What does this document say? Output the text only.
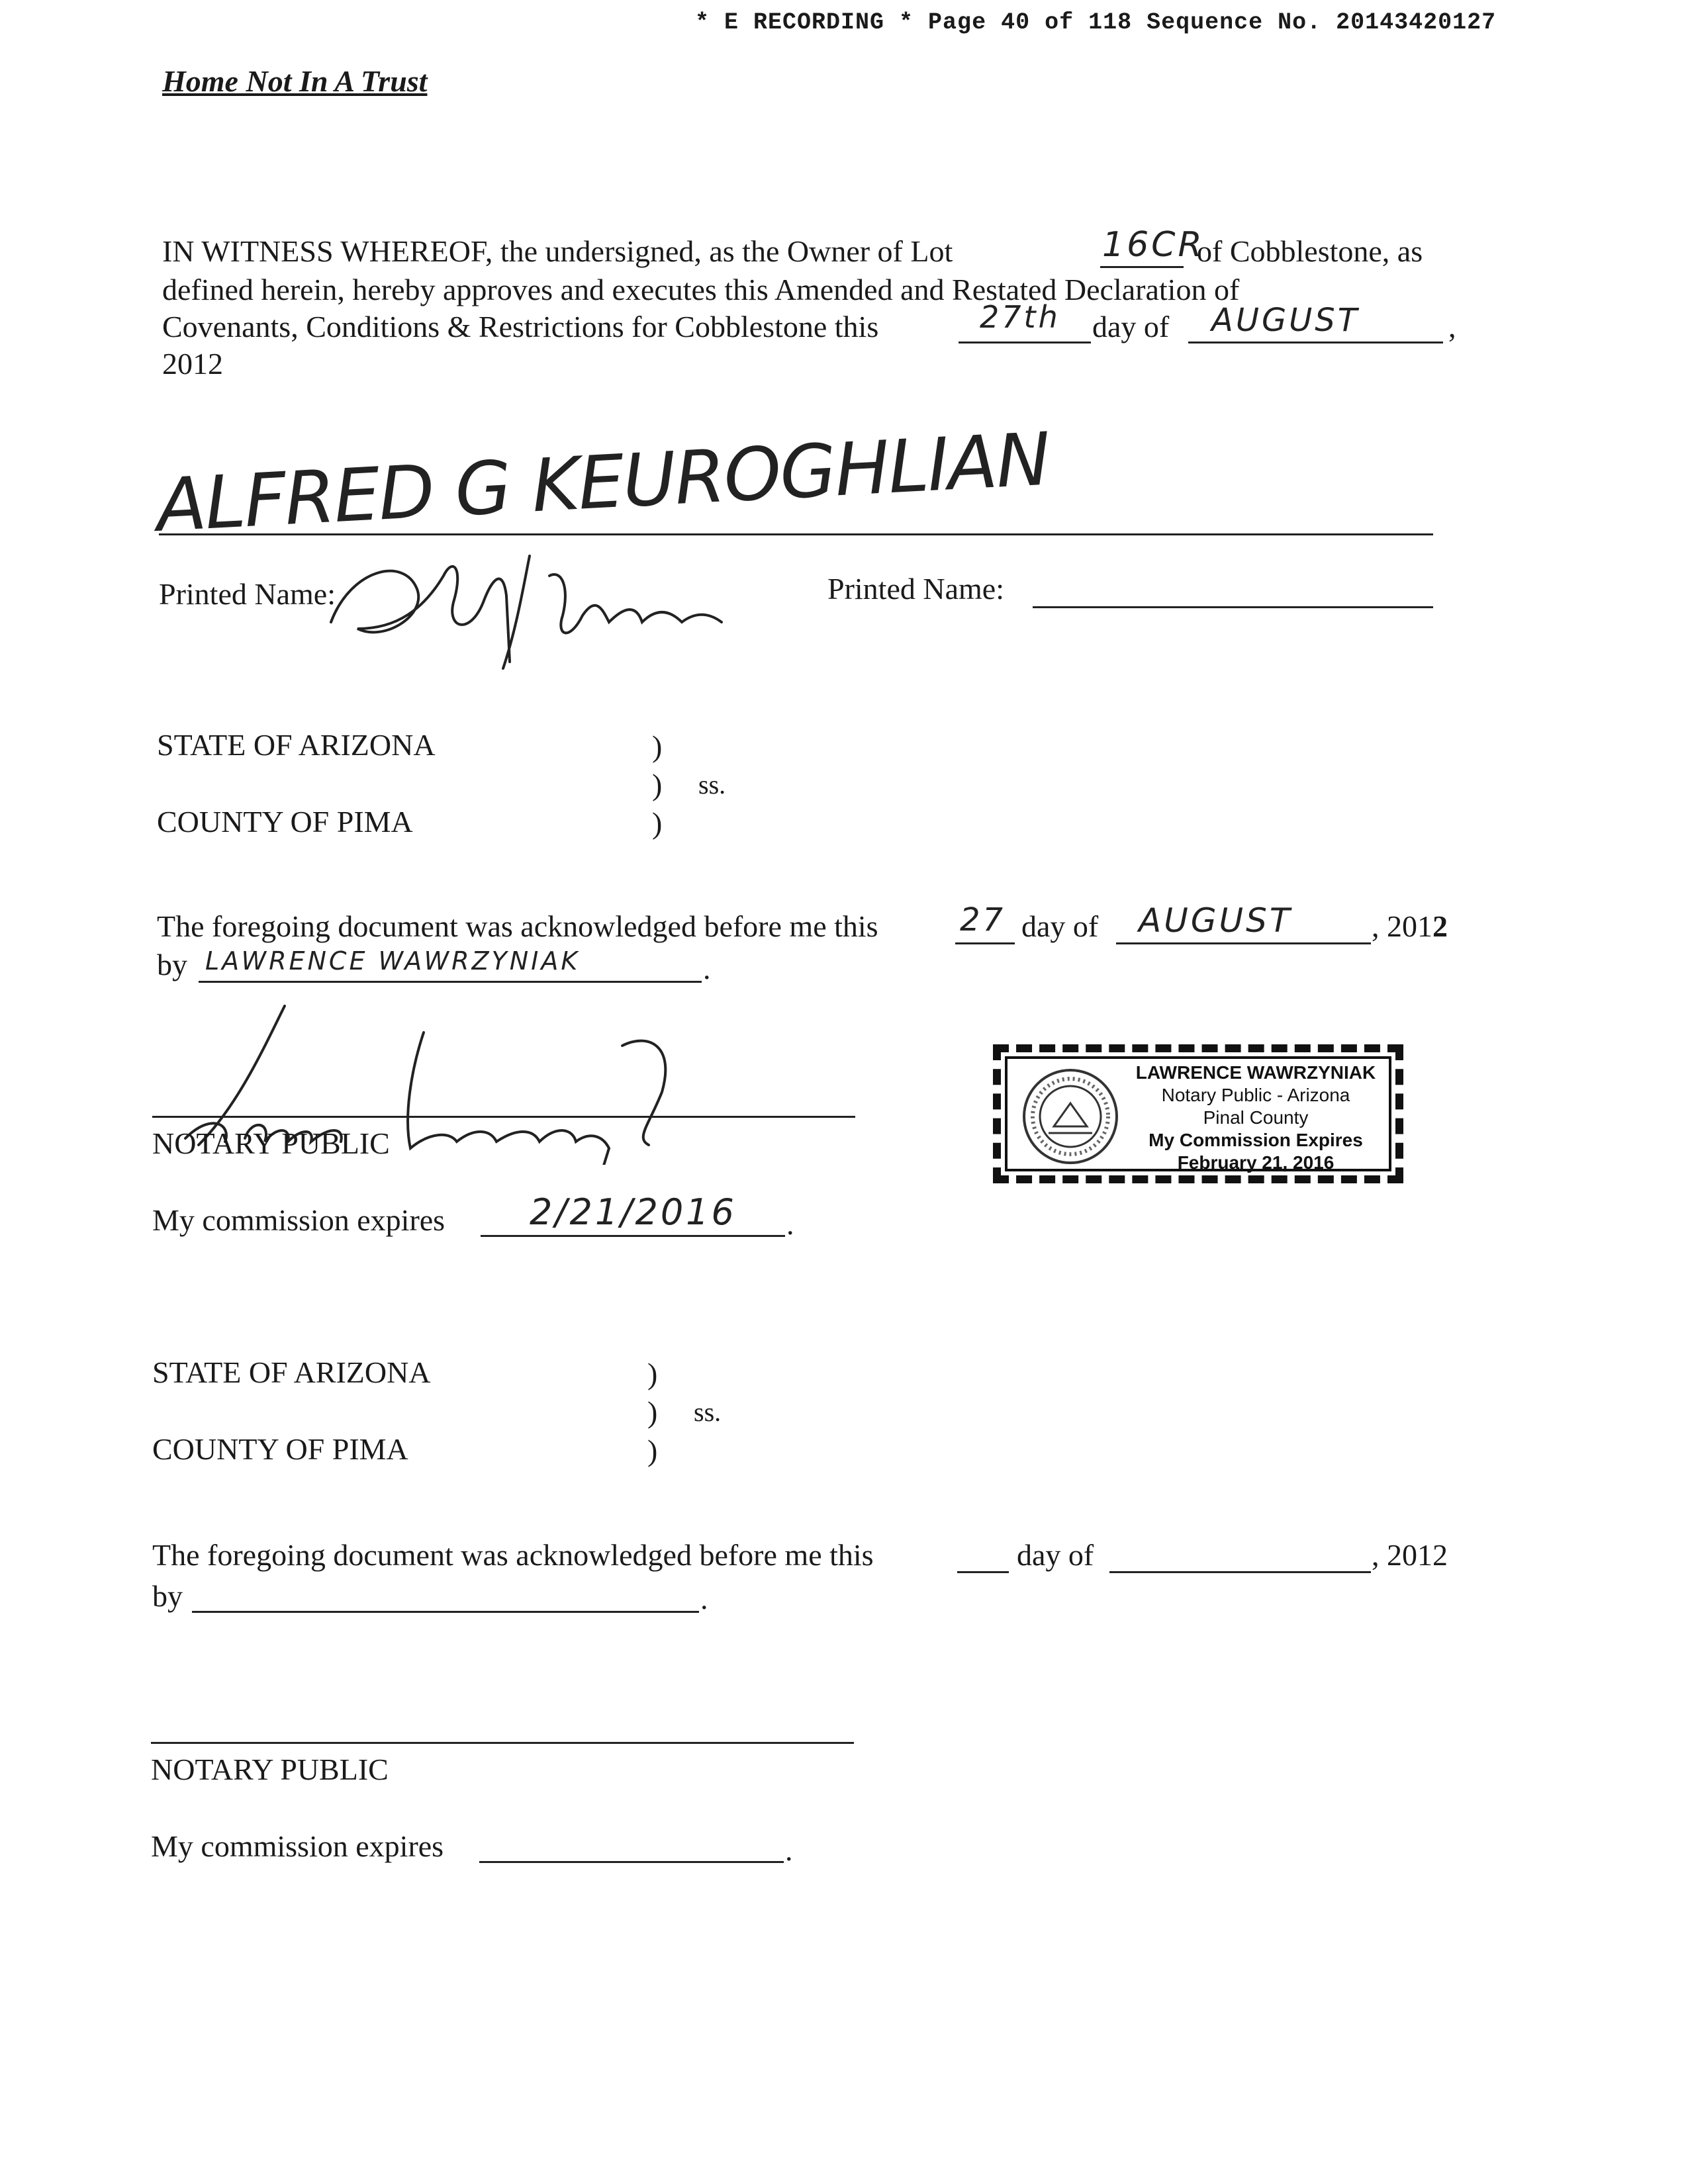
* E RECORDING * Page 40 of 118 Sequence No. 20143420127
Home Not In A Trust
IN WITNESS WHEREOF, the undersigned, as the Owner of Lot	16CR
of Cobblestone, as
defined herein, hereby approves and executes this Amended and Restated Declaration of
Covenants, Conditions & Restrictions for Cobblestone this	27th day of AUGUST	,
2012
ALFRED G KEUROGHLIAN
Printed Name:	Printed Name:
STATE OF ARIZONA	)
) ss.
)
COUNTY OF PIMA
The foregoing document was acknowledged before me this	27 day of AUGUST	, 2012
by LAWRENCE WAWRZYNIAK	.
NOTARY PUBLIC
My commission expires 2/21/2016 .
LAWRENCE WAWRZYNIAK
Notary Public - Arizona
Pinal County
My Commission Expires
February 21, 2016
STATE OF ARIZONA	)
) ss.
)
COUNTY OF PIMA
The foregoing document was acknowledged before me this	day of	, 2012
by	.
NOTARY PUBLIC
My commission expires	.
